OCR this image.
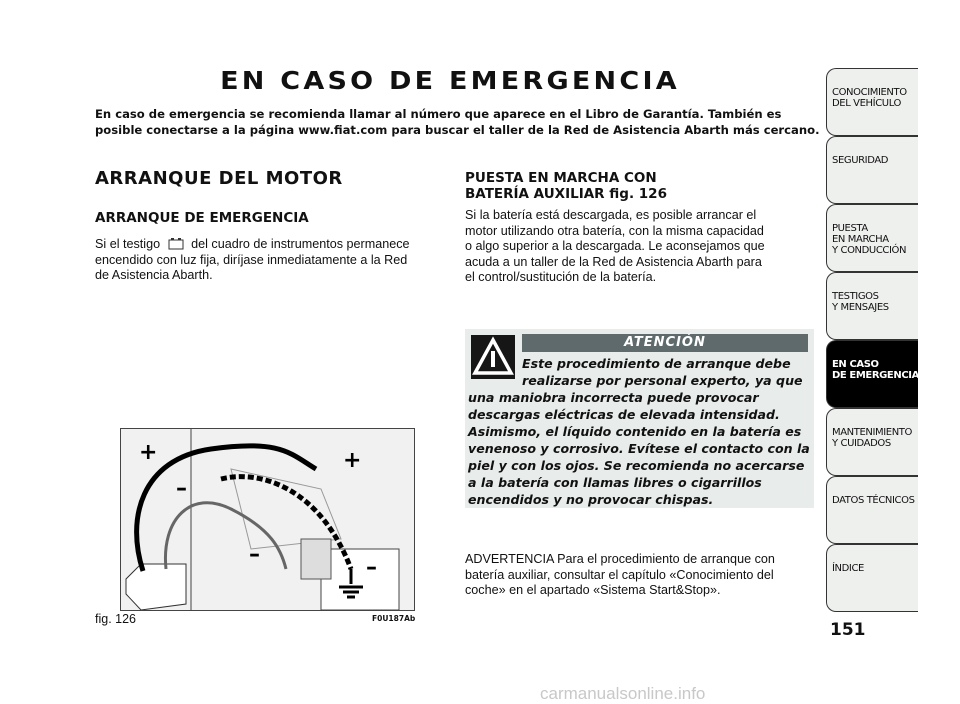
EN CASO DE EMERGENCIA
En caso de emergencia se recomienda llamar al número que aparece en el Libro de Garantía. También es
posible conectarse a la página www.fiat.com para buscar el taller de la Red de Asistencia Abarth más cercano.
ARRANQUE DEL MOTOR
ARRANQUE DE EMERGENCIA
Si el testigo del cuadro de instrumentos permanece
encendido con luz fija, diríjase inmediatamente a la Red
de Asistencia Abarth.
+	+
–
–
–
fig. 126	F0U187Ab
PUESTA EN MARCHA CON
BATERÍA AUXILIAR fig. 126
Si la batería está descargada, es posible arrancar el
motor utilizando otra batería, con la misma capacidad
o algo superior a la descargada. Le aconsejamos que
acuda a un taller de la Red de Asistencia Abarth para
el control/sustitución de la batería.
ATENCIÓN
Este procedimiento de arranque debe
realizarse por personal experto, ya que
una maniobra incorrecta puede provocar
descargas eléctricas de elevada intensidad.
Asimismo, el líquido contenido en la batería es
venenoso y corrosivo. Evítese el contacto con la
piel y con los ojos. Se recomienda no acercarse
a la batería con llamas libres o cigarrillos
encendidos y no provocar chispas.
ADVERTENCIA Para el procedimiento de arranque con
batería auxiliar, consultar el capítulo «Conocimiento del
coche» en el apartado «Sistema Start&Stop».
CONOCIMIENTO
DEL VEHÍCULO
SEGURIDAD
PUESTA
EN MARCHA
Y CONDUCCIÓN
TESTIGOS
Y MENSAJES
EN CASO
DE EMERGENCIA
MANTENIMIENTO
Y CUIDADOS
DATOS TÉCNICOS
ÍNDICE
151
carmanualsonline.info
